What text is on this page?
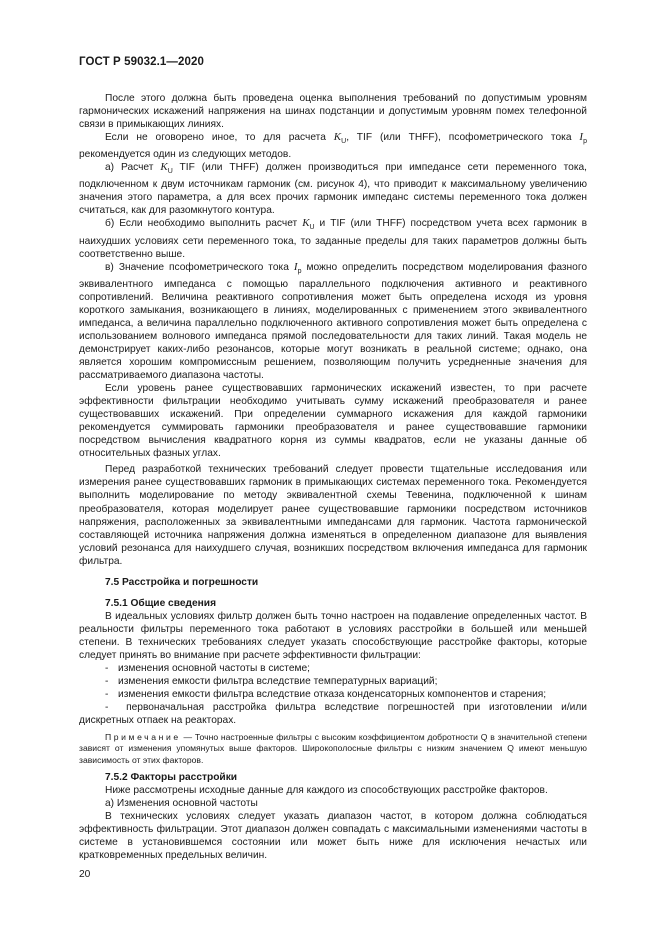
ГОСТ Р 59032.1—2020

После этого должна быть проведена оценка выполнения требований по допустимым уровням гармонических искажений напряжения на шинах подстанции и допустимым уровням помех телефонной связи в примыкающих линиях.

Если не оговорено иное, то для расчета $K_U$, TIF (или THFF), псофометрического тока $I_p$ рекомендуется один из следующих методов.

а) Расчет $K_U$ TIF (или THFF) должен производиться при импедансе сети переменного тока, подключенном к двум источникам гармоник (см. рисунок 4), что приводит к максимальному увеличению значения этого параметра, а для всех прочих гармоник импеданс системы переменного тока должен считаться, как для разомкнутого контура.

б) Если необходимо выполнить расчет $K_U$ и TIF (или THFF) посредством учета всех гармоник в наихудших условиях сети переменного тока, то заданные пределы для таких параметров должны быть соответственно выше.

в) Значение псофометрического тока $I_p$ можно определить посредством моделирования фазного эквивалентного импеданса с помощью параллельного подключения активного и реактивного сопротивлений. Величина реактивного сопротивления может быть определена исходя из уровня короткого замыкания, возникающего в линиях, моделированных с применением этого эквивалентного импеданса, а величина параллельно подключенного активного сопротивления может быть определена с использованием волнового импеданса прямой последовательности для таких линий. Такая модель не демонстрирует каких-либо резонансов, которые могут возникать в реальной системе; однако, она является хорошим компромиссным решением, позволяющим получить усредненные значения для рассматриваемого диапазона частоты.

Если уровень ранее существовавших гармонических искажений известен, то при расчете эффективности фильтрации необходимо учитывать сумму искажений преобразователя и ранее существовавших искажений. При определении суммарного искажения для каждой гармоники рекомендуется суммировать гармоники преобразователя и ранее существовавшие гармоники посредством вычисления квадратного корня из суммы квадратов, если не указаны данные об относительных фазных углах.

Перед разработкой технических требований следует провести тщательные исследования или измерения ранее существовавших гармоник в примыкающих системах переменного тока. Рекомендуется выполнить моделирование по методу эквивалентной схемы Тевенина, подключенной к шинам преобразователя, которая моделирует ранее существовавшие гармоники посредством источников напряжения, расположенных за эквивалентными импедансами для гармоник. Частота гармонической составляющей источника напряжения должна изменяться в определенном диапазоне для выявления условий резонанса для наихудшего случая, возникших посредством включения импеданса для гармоник фильтра.

7.5 Расстройка и погрешности

7.5.1 Общие сведения

В идеальных условиях фильтр должен быть точно настроен на подавление определенных частот. В реальности фильтры переменного тока работают в условиях расстройки в большей или меньшей степени. В технических требованиях следует указать способствующие расстройке факторы, которые следует принять во внимание при расчете эффективности фильтрации:

- изменения основной частоты в системе;

- изменения емкости фильтра вследствие температурных вариаций;

- изменения емкости фильтра вследствие отказа конденсаторных компонентов и старения;

- первоначальная расстройка фильтра вследствие погрешностей при изготовлении и/или дискретных отпаек на реакторах.

Примечание — Точно настроенные фильтры с высоким коэффициентом добротности Q в значительной степени зависят от изменения упомянутых выше факторов. Широкополосные фильтры с низким значением Q имеют меньшую зависимость от этих факторов.

7.5.2 Факторы расстройки

Ниже рассмотрены исходные данные для каждого из способствующих расстройке факторов.

а) Изменения основной частоты

В технических условиях следует указать диапазон частот, в котором должна соблюдаться эффективность фильтрации. Этот диапазон должен совпадать с максимальными изменениями частоты в системе в установившемся состоянии или может быть ниже для исключения нечастых или кратковременных предельных величин.

20
